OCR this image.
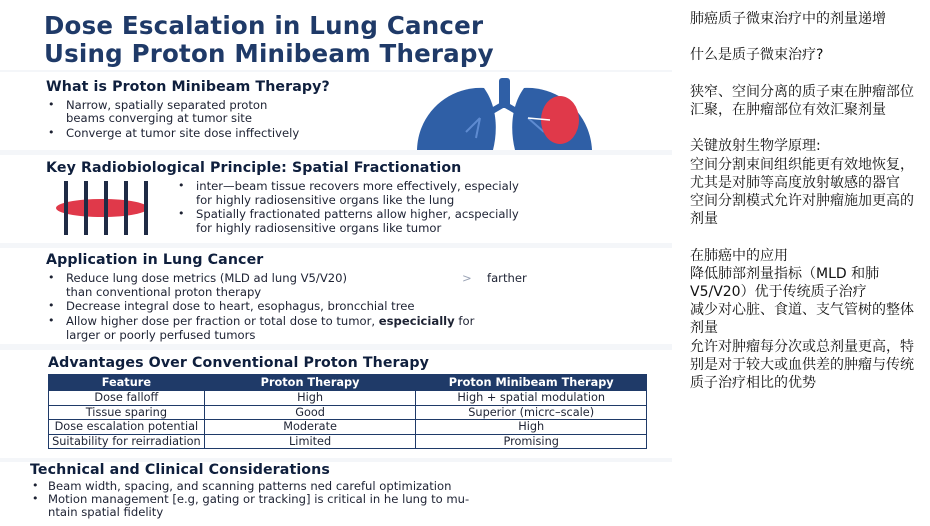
Dose Escalation in Lung Cancer
Using Proton Minibeam Therapy
What is Proton Minibeam Therapy?
• Narrow, spatially separated proton
beams converging at tumor site
• Converge at tumor site dose inffectively
Key Radiobiological Principle: Spatial Fractionation
• inter—beam tissue recovers more effectively, especialy
for highly radiosensitive organs like the lung
• Spatially fractionated patterns allow higher, acspecially
for highly radiosensitive organs like tumor
Application in Lung Cancer
• Reduce lung dose metrics (MLD ad lung V5/V20)	> farther
than conventional proton therapy
• Decrease integral dose to heart, esophagus, broncchial tree
• Allow higher dose per fraction or total dose to tumor, especicially for
larger or poorly perfused tumors
Advantages Over Conventional Proton Therapy
Feature	Proton Therapy	Proton Minibeam Therapy
Dose falloff	High	High + spatial modulation
Tissue sparing	Good	Superior (micrc–scale)
Dose escalation potential	Moderate	High
Suitability for reirradiation	Limited	Promising
Technical and Clinical Considerations
• Beam width, spacing, and scanning patterns ned careful optimization
• Motion management [e.g, gating or tracking] is critical in he lung to mu-
ntain spatial fidelity

肺癌质子微束治疗中的剂量递增

什么是质子微束治疗?

狭窄、空间分离的质子束在肿瘤部位汇聚，在肿瘤部位有效汇聚剂量

关键放射生物学原理:

空间分割束间组织能更有效地恢复，尤其是对肺等高度放射敏感的器官

空间分割模式允许对肿瘤施加更高的剂量

在肺癌中的应用

降低肺部剂量指标（MLD 和肺 V5/V20）优于传统质子治疗

减少对心脏、食道、支气管树的整体剂量

允许对肿瘤每分次或总剂量更高，特别是对于较大或血供差的肿瘤与传统质子治疗相比的优势
